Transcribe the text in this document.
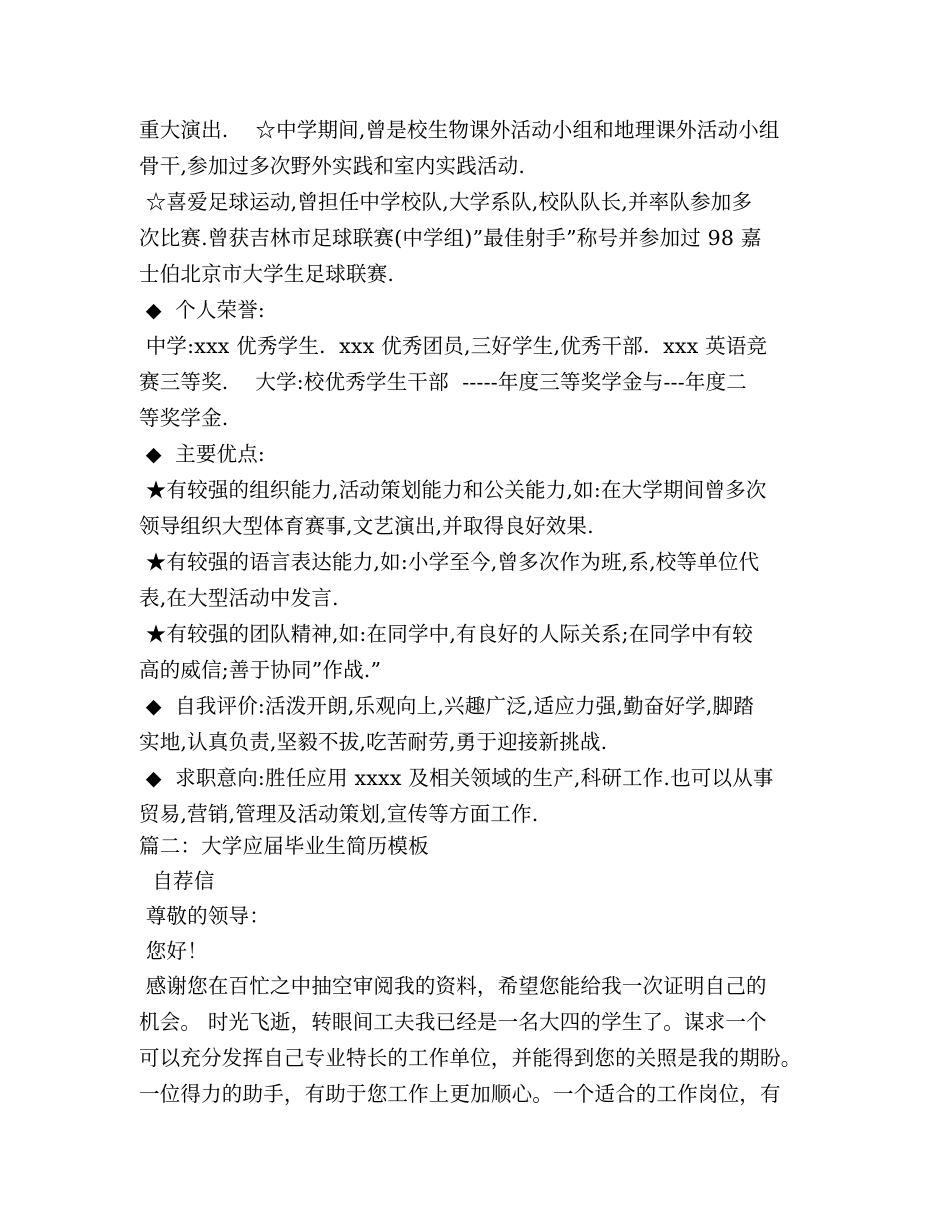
重大演出.    ☆中学期间,曾是校生物课外活动小组和地理课外活动小组
骨干,参加过多次野外实践和室内实践活动.
☆喜爱足球运动,曾担任中学校队,大学系队,校队队长,并率队参加多
次比赛.曾获吉林市足球联赛(中学组)”最佳射手”称号并参加过 98 嘉
士伯北京市大学生足球联赛.
◆  个人荣誉:
中学:xxx 优秀学生.  xxx 优秀团员,三好学生,优秀干部.  xxx 英语竞
赛三等奖.    大学:校优秀学生干部  -----年度三等奖学金与---年度二
等奖学金.
◆  主要优点:
★有较强的组织能力,活动策划能力和公关能力,如:在大学期间曾多次
领导组织大型体育赛事,文艺演出,并取得良好效果.
★有较强的语言表达能力,如:小学至今,曾多次作为班,系,校等单位代
表,在大型活动中发言.
★有较强的团队精神,如:在同学中,有良好的人际关系;在同学中有较
高的威信;善于协同”作战.”
◆  自我评价:活泼开朗,乐观向上,兴趣广泛,适应力强,勤奋好学,脚踏
实地,认真负责,坚毅不拔,吃苦耐劳,勇于迎接新挑战.
◆  求职意向:胜任应用 xxxx 及相关领域的生产,科研工作.也可以从事
贸易,营销,管理及活动策划,宣传等方面工作.
篇二：大学应届毕业生简历模板
自荐信
尊敬的领导：
您好！
感谢您在百忙之中抽空审阅我的资料，希望您能给我一次证明自己的
机会。 时光飞逝，转眼间工夫我已经是一名大四的学生了。谋求一个
可以充分发挥自己专业特长的工作单位，并能得到您的关照是我的期盼。
一位得力的助手，有助于您工作上更加顺心。一个适合的工作岗位，有
